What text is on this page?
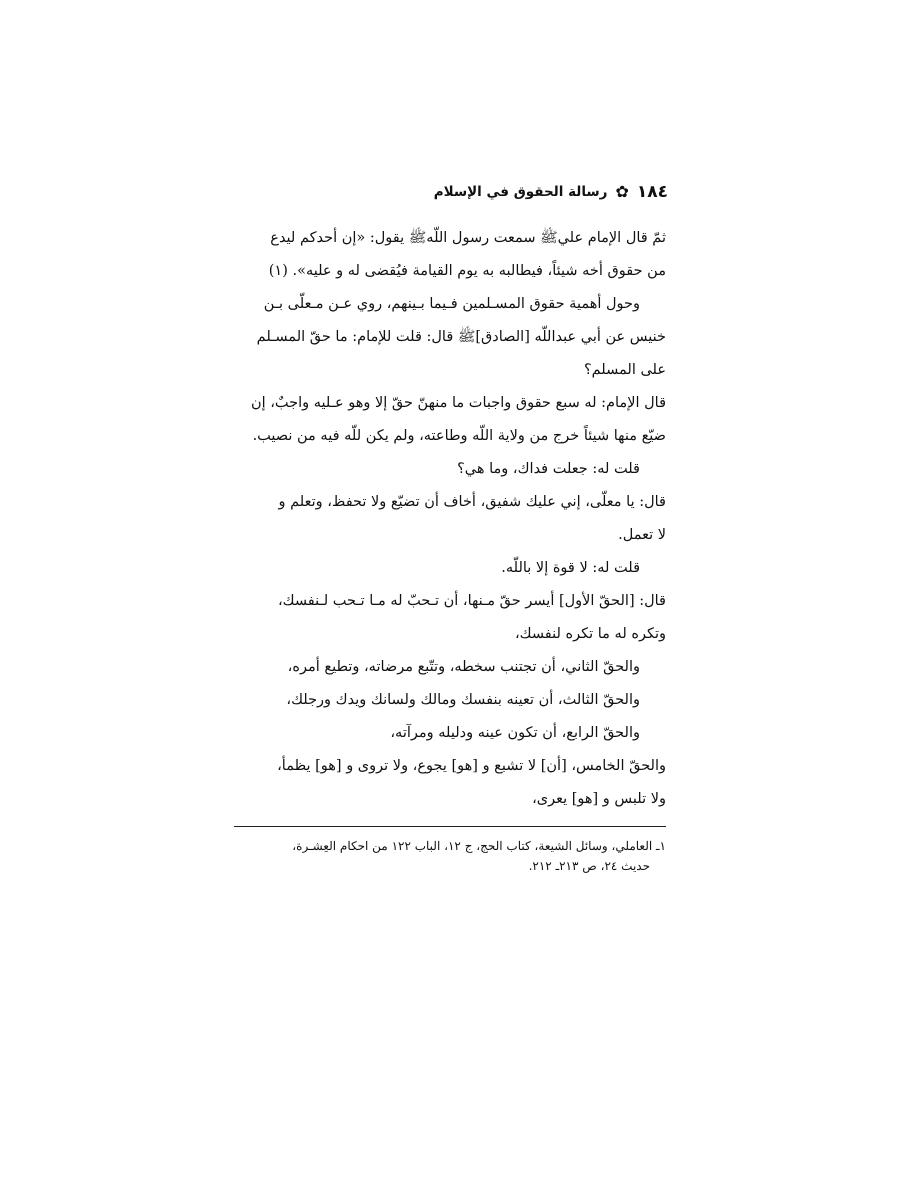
١٨٤
✿
رسالة الحقوق في الإسلام
ثمّ قال الإمام عليﷺ سمعت رسول اللّهﷺ يقول: «إن أحدكم ليدع
من حقوق أخه شيئاً، فيطالبه به يوم القيامة فيُقضى له و عليه». (١)
وحول أهمية حقوق المسـلمين فـيما بـينهم، روي عـن مـعلّى بـن
خنيس عن أبي عبداللّه [الصادق]ﷺ قال: قلت للإمام: ما حقّ المسـلم
على المسلم؟
قال الإمام: له سبع حقوق واجبات ما منهنّ حقّ إلا وهو عـليه واجبٌ، إن
ضيّع منها شيئاً خرج من ولاية اللّه وطاعته، ولم يكن للّه فيه من نصيب.
قلت له: جعلت فداك، وما هي؟
قال: يا معلّى، إني عليك شفيق، أخاف أن تضيّع ولا تحفظ، وتعلم و
لا تعمل.
قلت له: لا قوة إلا باللّه.
قال: [الحقّ الأول] أيسر حقّ مـنها، أن تـحبّ له مـا تـحب لـنفسك،
وتكره له ما تكره لنفسك،
والحقّ الثاني، أن تجتنب سخطه، وتتّبع مرضاته، وتطيع أمره،
والحقّ الثالث، أن تعينه بنفسك ومالك ولسانك ويدك ورجلك،
والحقّ الرابع، أن تكون عينه ودليله ومرآته،
والحقّ الخامس، [أن] لا تشبع و [هو] يجوع، ولا تروى و [هو] يظمأ،
ولا تلبس و [هو] يعرى،
١ـ العاملي، وسائل الشيعة، كتاب الحج، ج ١٢، الباب ١٢٢ من احكام العِشـرة،
حديث ٢٤، ص ٢١٣ـ ٢١٢.
